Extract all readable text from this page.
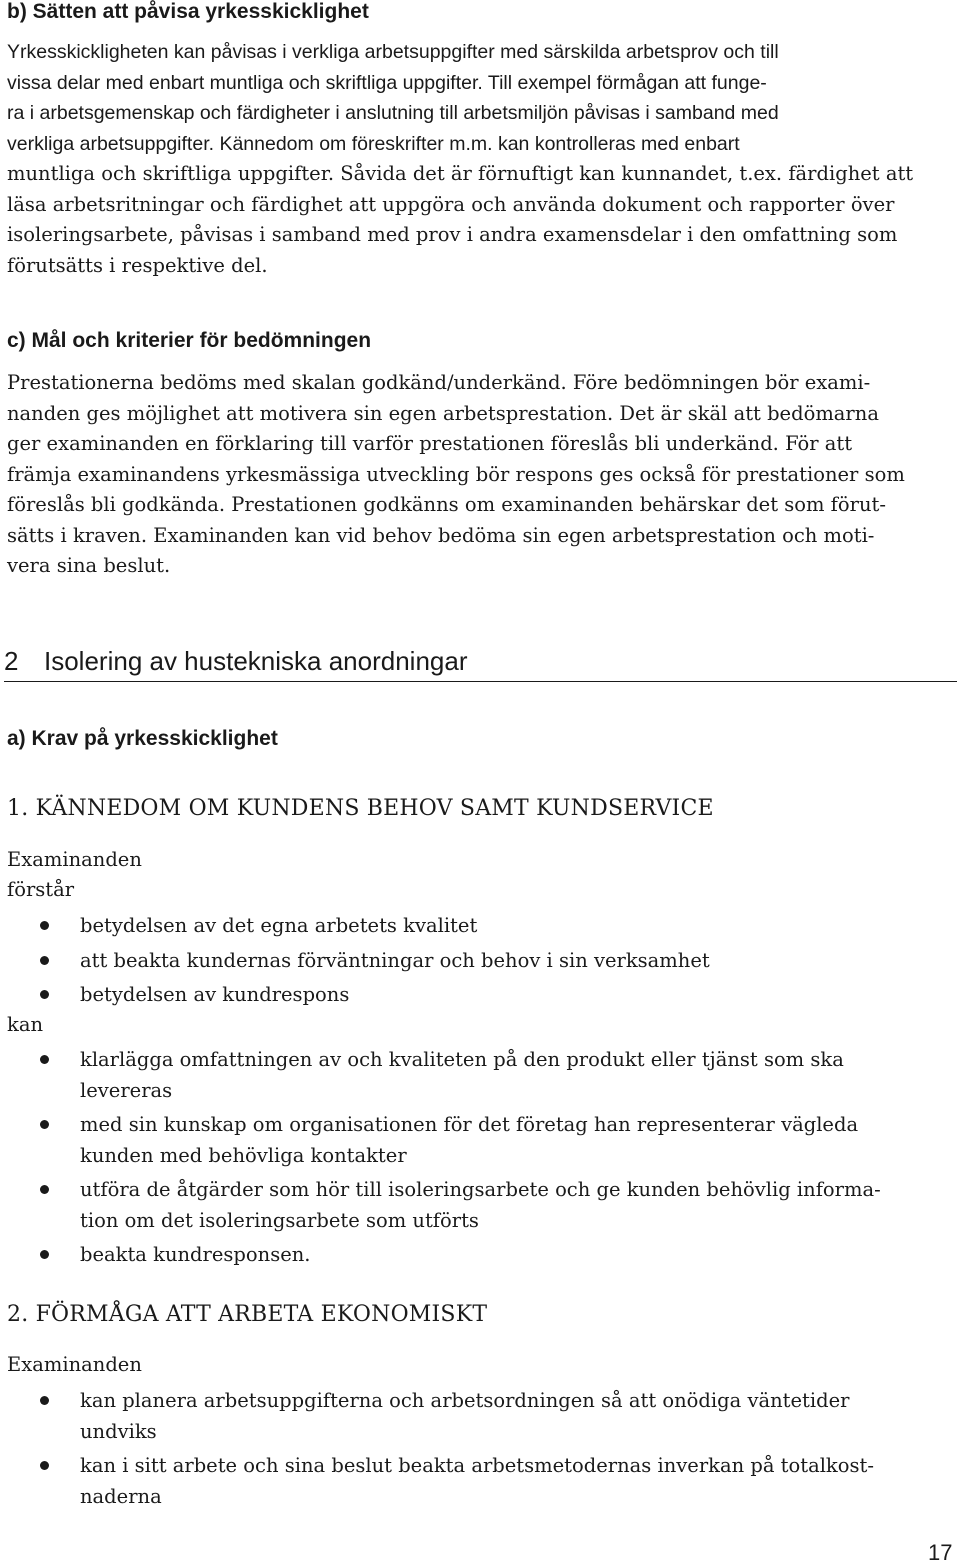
b) Sätten att påvisa yrkesskicklighet
Yrkesskickligheten kan påvisas i verkliga arbetsuppgifter med särskilda arbetsprov och till
vissa delar med enbart muntliga och skriftliga uppgifter. Till exempel förmågan att funge-
ra i arbetsgemenskap och färdigheter i anslutning till arbetsmiljön påvisas i samband med
verkliga arbetsuppgifter. Kännedom om föreskrifter m.m. kan kontrolleras med enbart
muntliga och skriftliga uppgifter. Såvida det är förnuftigt kan kunnandet, t.ex. färdighet att
läsa arbetsritningar och färdighet att uppgöra och använda dokument och rapporter över
isoleringsarbete, påvisas i samband med prov i andra examensdelar i den omfattning som
förutsätts i respektive del.
c) Mål och kriterier för bedömningen
Prestationerna bedöms med skalan godkänd/underkänd. Före bedömningen bör exami-
nanden ges möjlighet att motivera sin egen arbetsprestation. Det är skäl att bedömarna
ger examinanden en förklaring till varför prestationen föreslås bli underkänd. För att
främja examinandens yrkesmässiga utveckling bör respons ges också för prestationer som
föreslås bli godkända. Prestationen godkänns om examinanden behärskar det som förut-
sätts i kraven. Examinanden kan vid behov bedöma sin egen arbetsprestation och moti-
vera sina beslut.
2 Isolering av hustekniska anordningar
a) Krav på yrkesskicklighet
1. KÄNNEDOM OM KUNDENS BEHOV SAMT KUNDSERVICE

Examinanden

förstår

betydelsen av det egna arbetets kvalitet
att beakta kundernas förväntningar och behov i sin verksamhet
betydelsen av kundrespons

kan

klarlägga omfattningen av och kvaliteten på den produkt eller tjänst som ska
levereras
med sin kunskap om organisationen för det företag han representerar vägleda
kunden med behövliga kontakter
utföra de åtgärder som hör till isoleringsarbete och ge kunden behövlig informa-
tion om det isoleringsarbete som utförts
beakta kundresponsen.
2. FÖRMÅGA ATT ARBETA EKONOMISKT

Examinanden

kan planera arbetsuppgifterna och arbetsordningen så att onödiga väntetider
undviks
kan i sitt arbete och sina beslut beakta arbetsmetodernas inverkan på totalkost-
naderna
17
